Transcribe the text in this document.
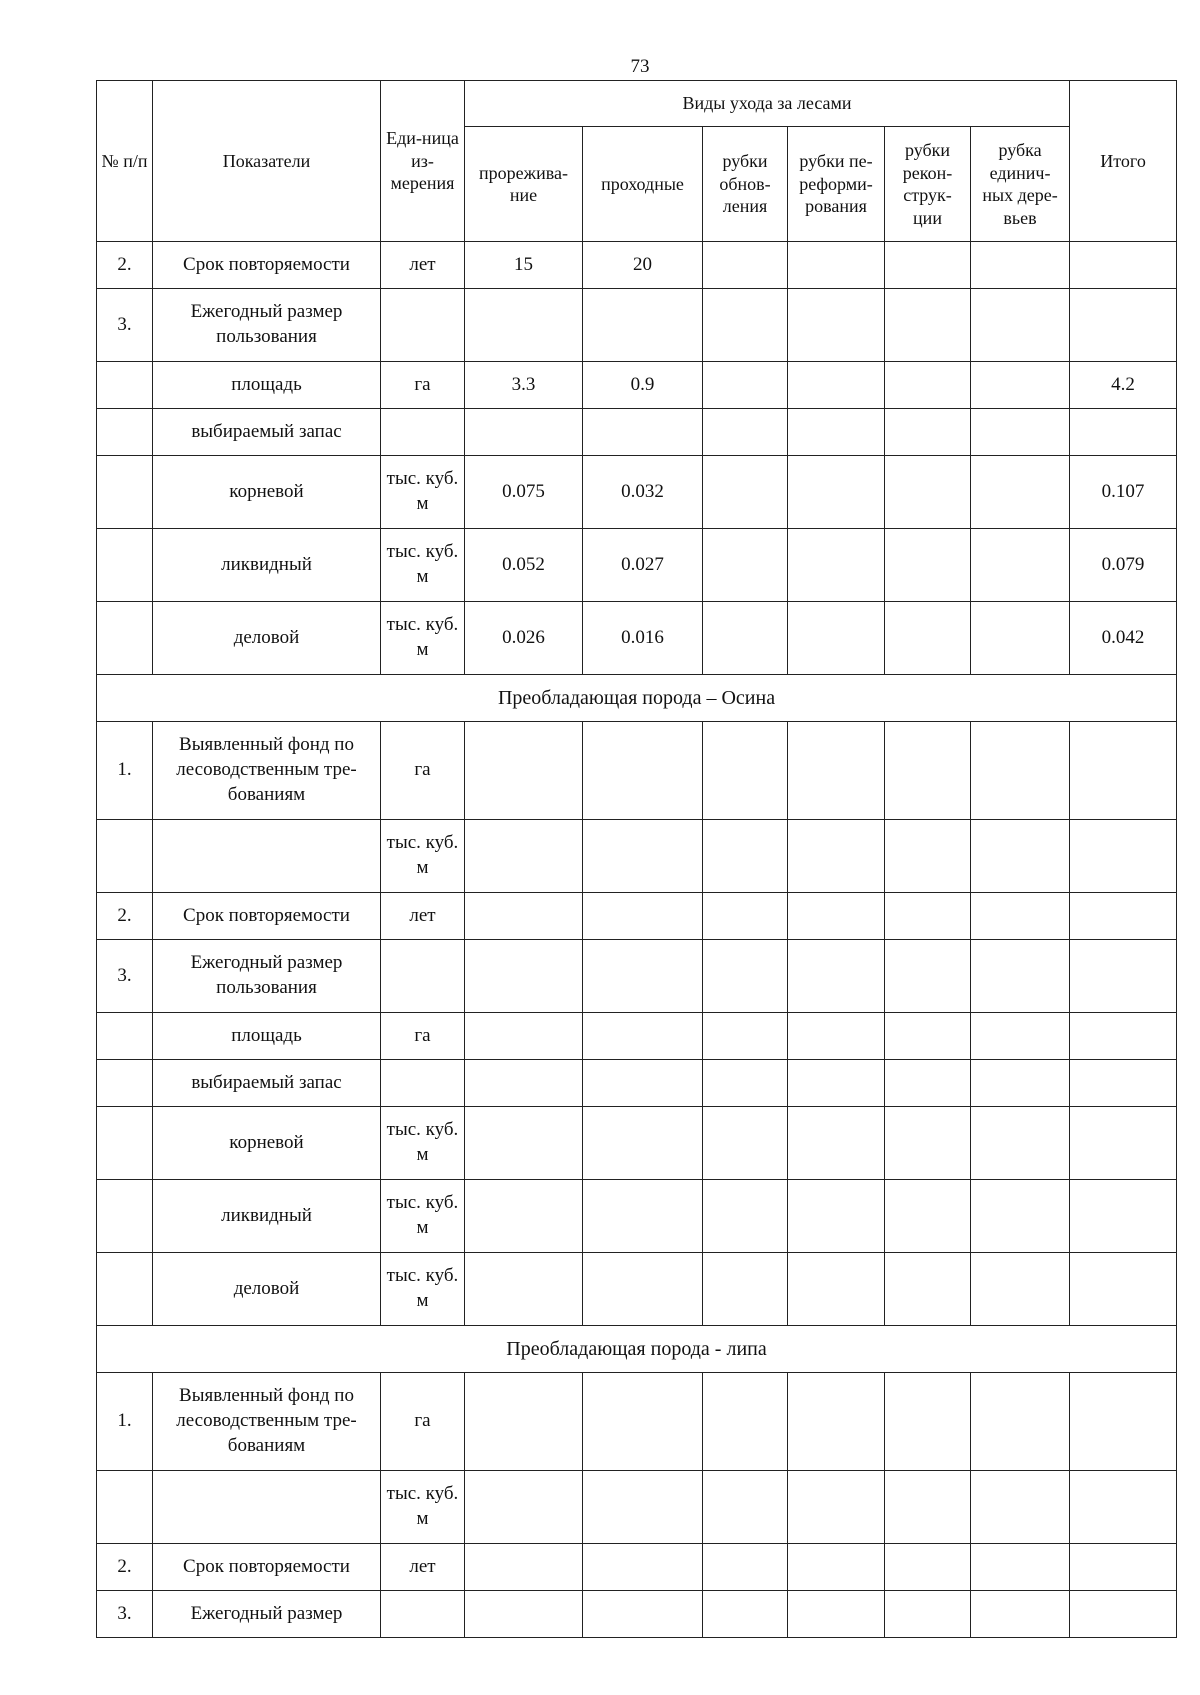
73
№ п/п	Показатели	Еди-ница из-мерения	Виды ухода за лесами						Итого
			прорежива-ние	проходные	рубки обнов-ления	рубки пе-реформи-рования	рубки рекон-струк-ции	рубка единич-ных дере-вьев	
2.	Срок повторяемости	лет	15	20					
3.	Ежегодный размер пользования								
	площадь	га	3.3	0.9					4.2
	выбираемый запас								
	корневой	тыс. куб. м	0.075	0.032					0.107
	ликвидный	тыс. куб. м	0.052	0.027					0.079
	деловой	тыс. куб. м	0.026	0.016					0.042
Преобладающая порода – Осина									
1.	Выявленный фонд по лесоводственным тре-бованиям	га							
		тыс. куб. м							
2.	Срок повторяемости	лет							
3.	Ежегодный размер пользования								
	площадь	га							
	выбираемый запас								
	корневой	тыс. куб. м							
	ликвидный	тыс. куб. м							
	деловой	тыс. куб. м							
Преобладающая порода - липа									
1.	Выявленный фонд по лесоводственным тре-бованиям	га							
		тыс. куб. м							
2.	Срок повторяемости	лет							
3.	Ежегодный размер								
